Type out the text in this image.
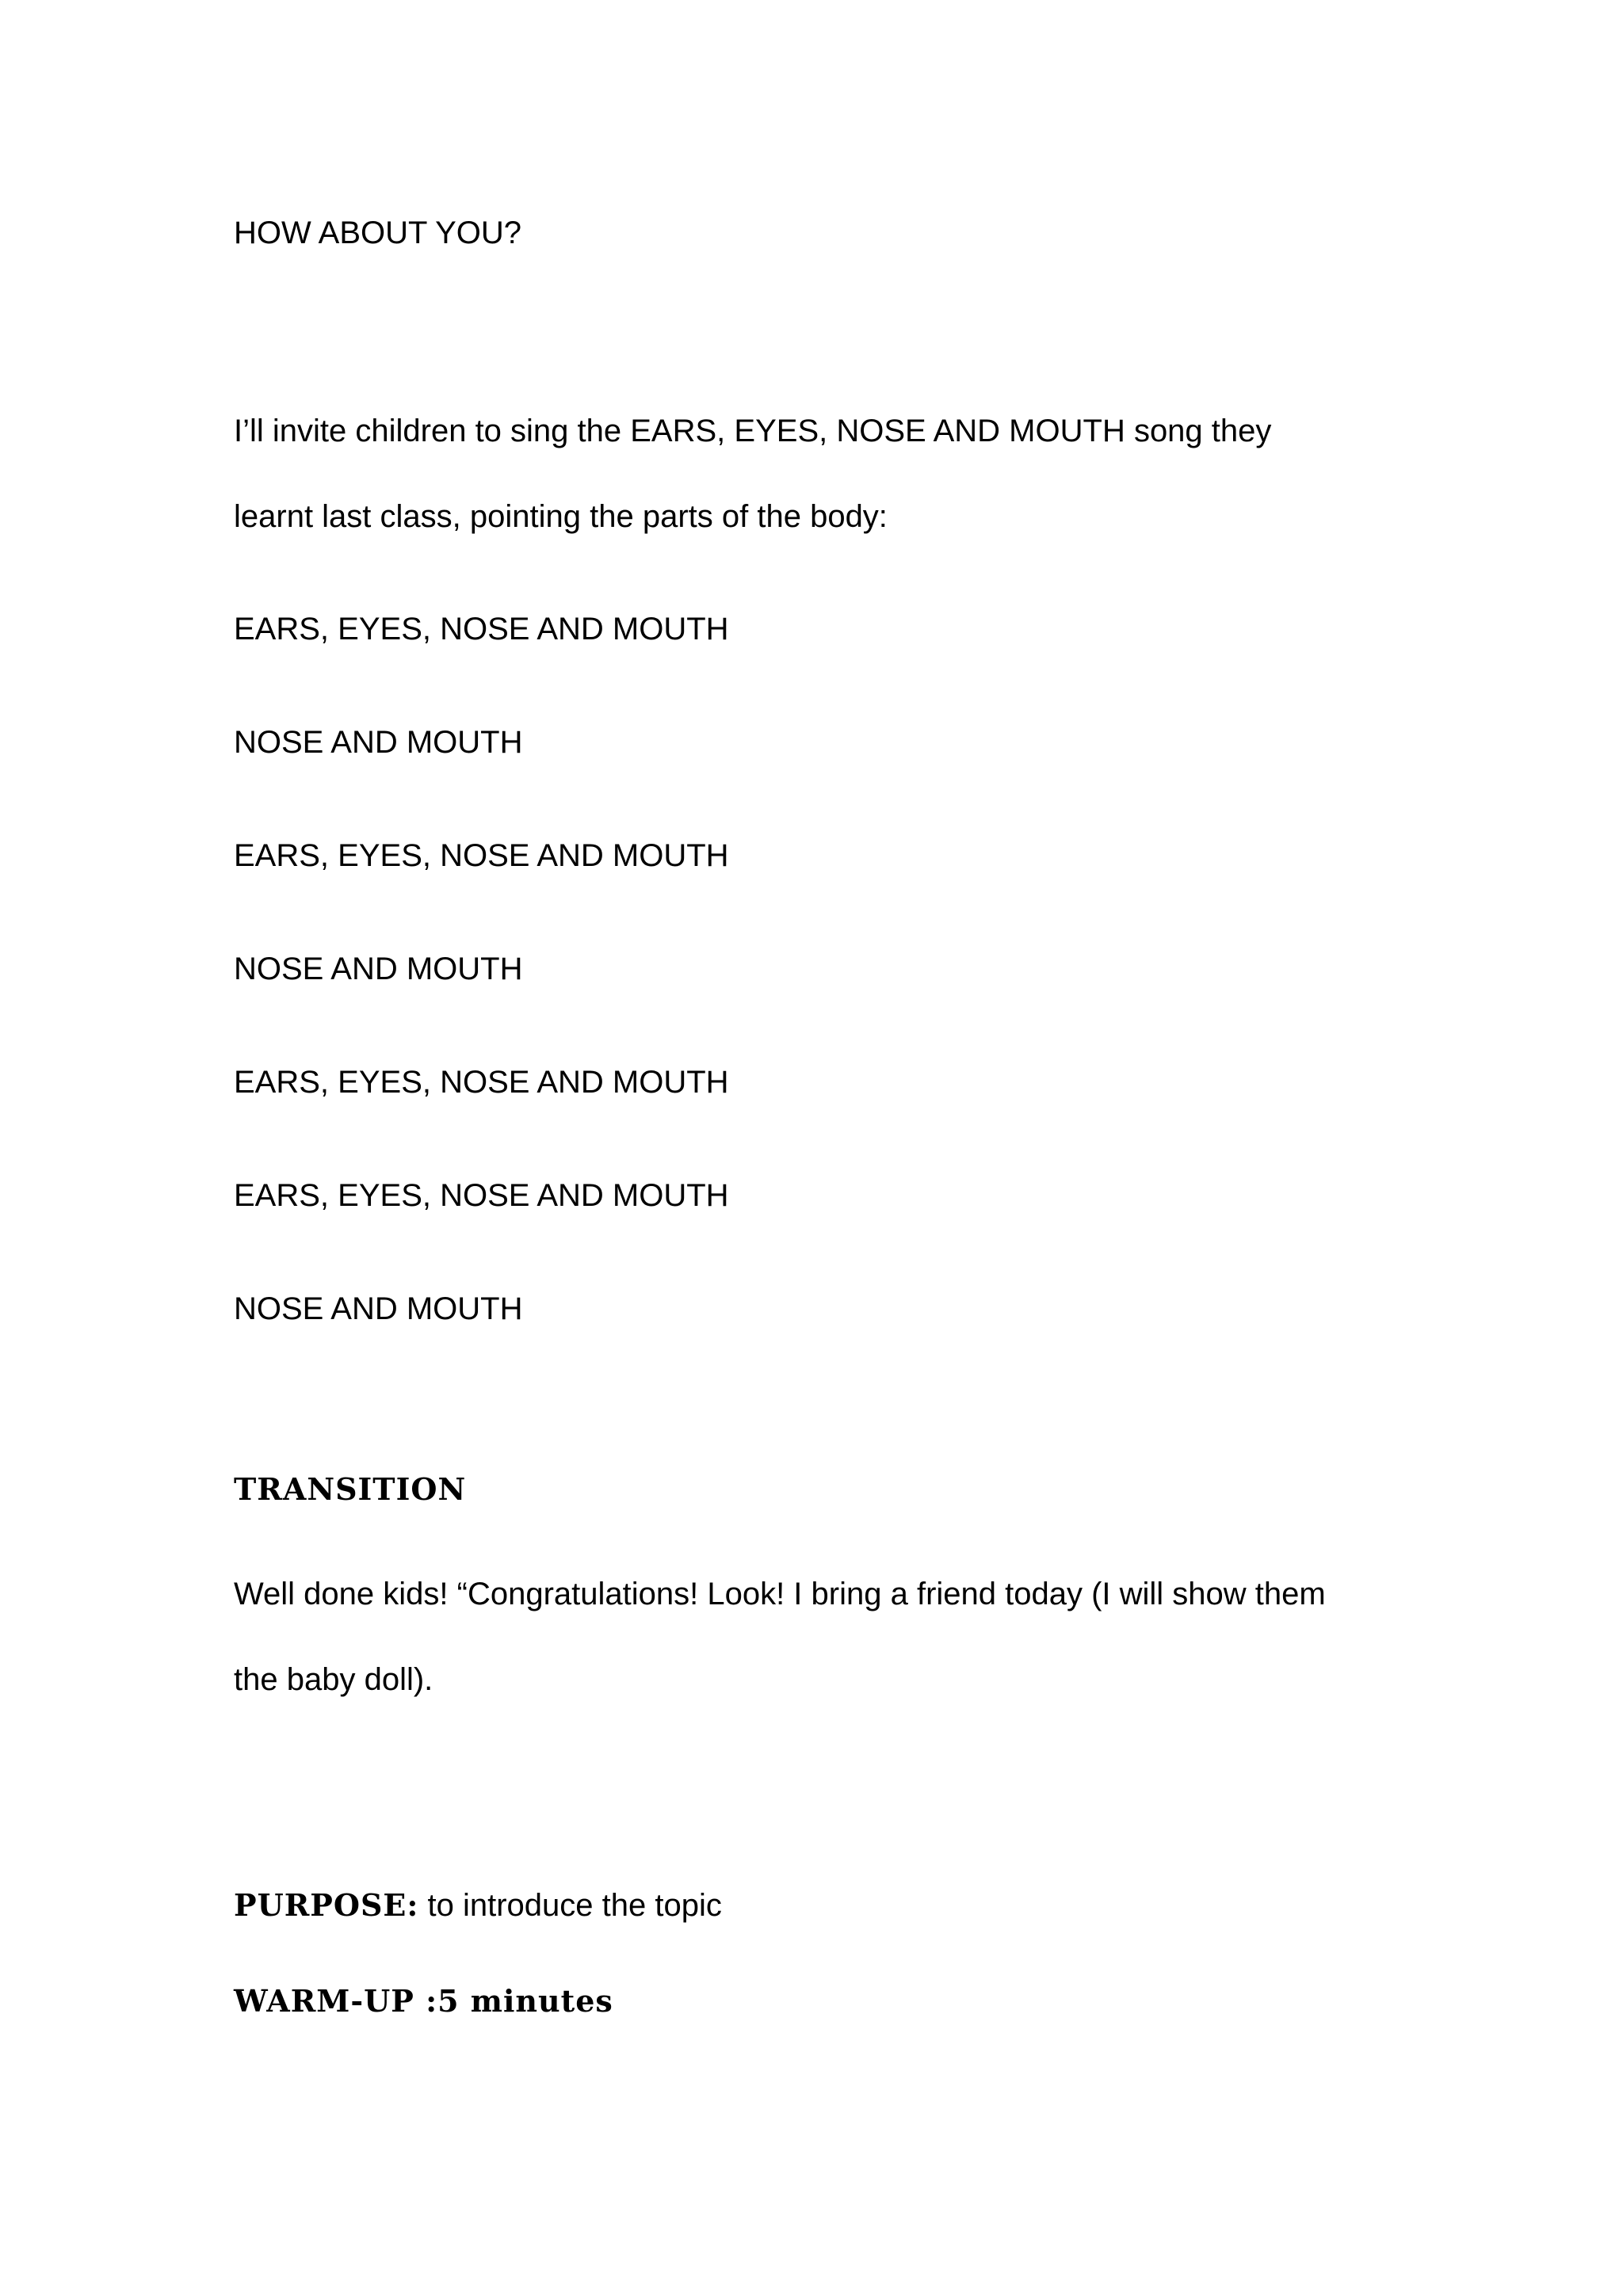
HOW ABOUT YOU?

I’ll invite children to sing the EARS, EYES, NOSE AND MOUTH song they

learnt last class, pointing the parts of the body:

EARS, EYES, NOSE AND MOUTH

NOSE AND MOUTH

EARS, EYES, NOSE AND MOUTH

NOSE AND MOUTH

EARS, EYES, NOSE AND MOUTH

EARS, EYES, NOSE AND MOUTH

NOSE AND MOUTH

TRANSITION

Well done kids! “Congratulations! Look! I bring a friend today (I will show them

the baby doll).

PURPOSE: to introduce the topic

WARM-UP :5 minutes
